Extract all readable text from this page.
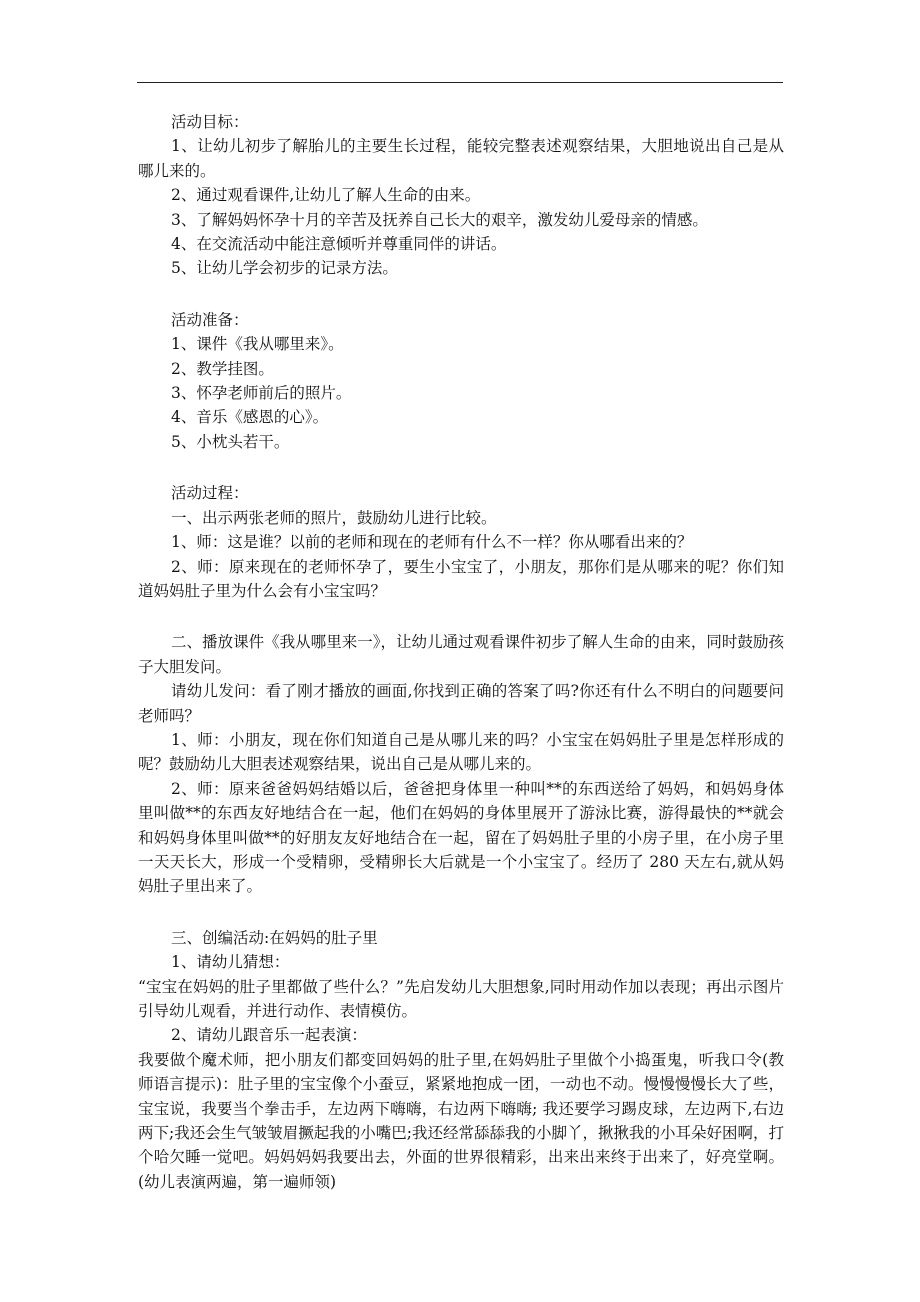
活动目标：

1、让幼儿初步了解胎儿的主要生长过程，能较完整表述观察结果，大胆地说出自己是从哪儿来的。

2、通过观看课件,让幼儿了解人生命的由来。

3、了解妈妈怀孕十月的辛苦及抚养自己长大的艰辛，激发幼儿爱母亲的情感。

4、在交流活动中能注意倾听并尊重同伴的讲话。

5、让幼儿学会初步的记录方法。

活动准备：

1、课件《我从哪里来》。

2、教学挂图。

3、怀孕老师前后的照片。

4、音乐《感恩的心》。

5、小枕头若干。

活动过程：

一、出示两张老师的照片，鼓励幼儿进行比较。

1、师：这是谁？以前的老师和现在的老师有什么不一样？你从哪看出来的？

2、师：原来现在的老师怀孕了，要生小宝宝了，小朋友，那你们是从哪来的呢？你们知道妈妈肚子里为什么会有小宝宝吗？

二、播放课件《我从哪里来一》，让幼儿通过观看课件初步了解人生命的由来，同时鼓励孩子大胆发问。

请幼儿发问：看了刚才播放的画面,你找到正确的答案了吗?你还有什么不明白的问题要问老师吗？

1、师：小朋友，现在你们知道自己是从哪儿来的吗？小宝宝在妈妈肚子里是怎样形成的呢？鼓励幼儿大胆表述观察结果，说出自己是从哪儿来的。

2、师：原来爸爸妈妈结婚以后，爸爸把身体里一种叫**的东西送给了妈妈，和妈妈身体里叫做**的东西友好地结合在一起，他们在妈妈的身体里展开了游泳比赛，游得最快的**就会和妈妈身体里叫做**的好朋友友好地结合在一起，留在了妈妈肚子里的小房子里，在小房子里一天天长大，形成一个受精卵，受精卵长大后就是一个小宝宝了。经历了 280 天左右,就从妈妈肚子里出来了。

三、创编活动:在妈妈的肚子里

1、请幼儿猜想：

“宝宝在妈妈的肚子里都做了些什么？”先启发幼儿大胆想象,同时用动作加以表现；再出示图片引导幼儿观看，并进行动作、表情模仿。

2、请幼儿跟音乐一起表演：

我要做个魔术师，把小朋友们都变回妈妈的肚子里,在妈妈肚子里做个小捣蛋鬼，听我口令(教师语言提示)：肚子里的宝宝像个小蚕豆，紧紧地抱成一团，一动也不动。慢慢慢慢长大了些，宝宝说，我要当个拳击手，左边两下嗨嗨，右边两下嗨嗨; 我还要学习踢皮球，左边两下,右边两下;我还会生气皱皱眉撅起我的小嘴巴;我还经常舔舔我的小脚丫，揪揪我的小耳朵好困啊，打个哈欠睡一觉吧。妈妈妈妈我要出去，外面的世界很精彩，出来出来终于出来了，好亮堂啊。(幼儿表演两遍，第一遍师领)
